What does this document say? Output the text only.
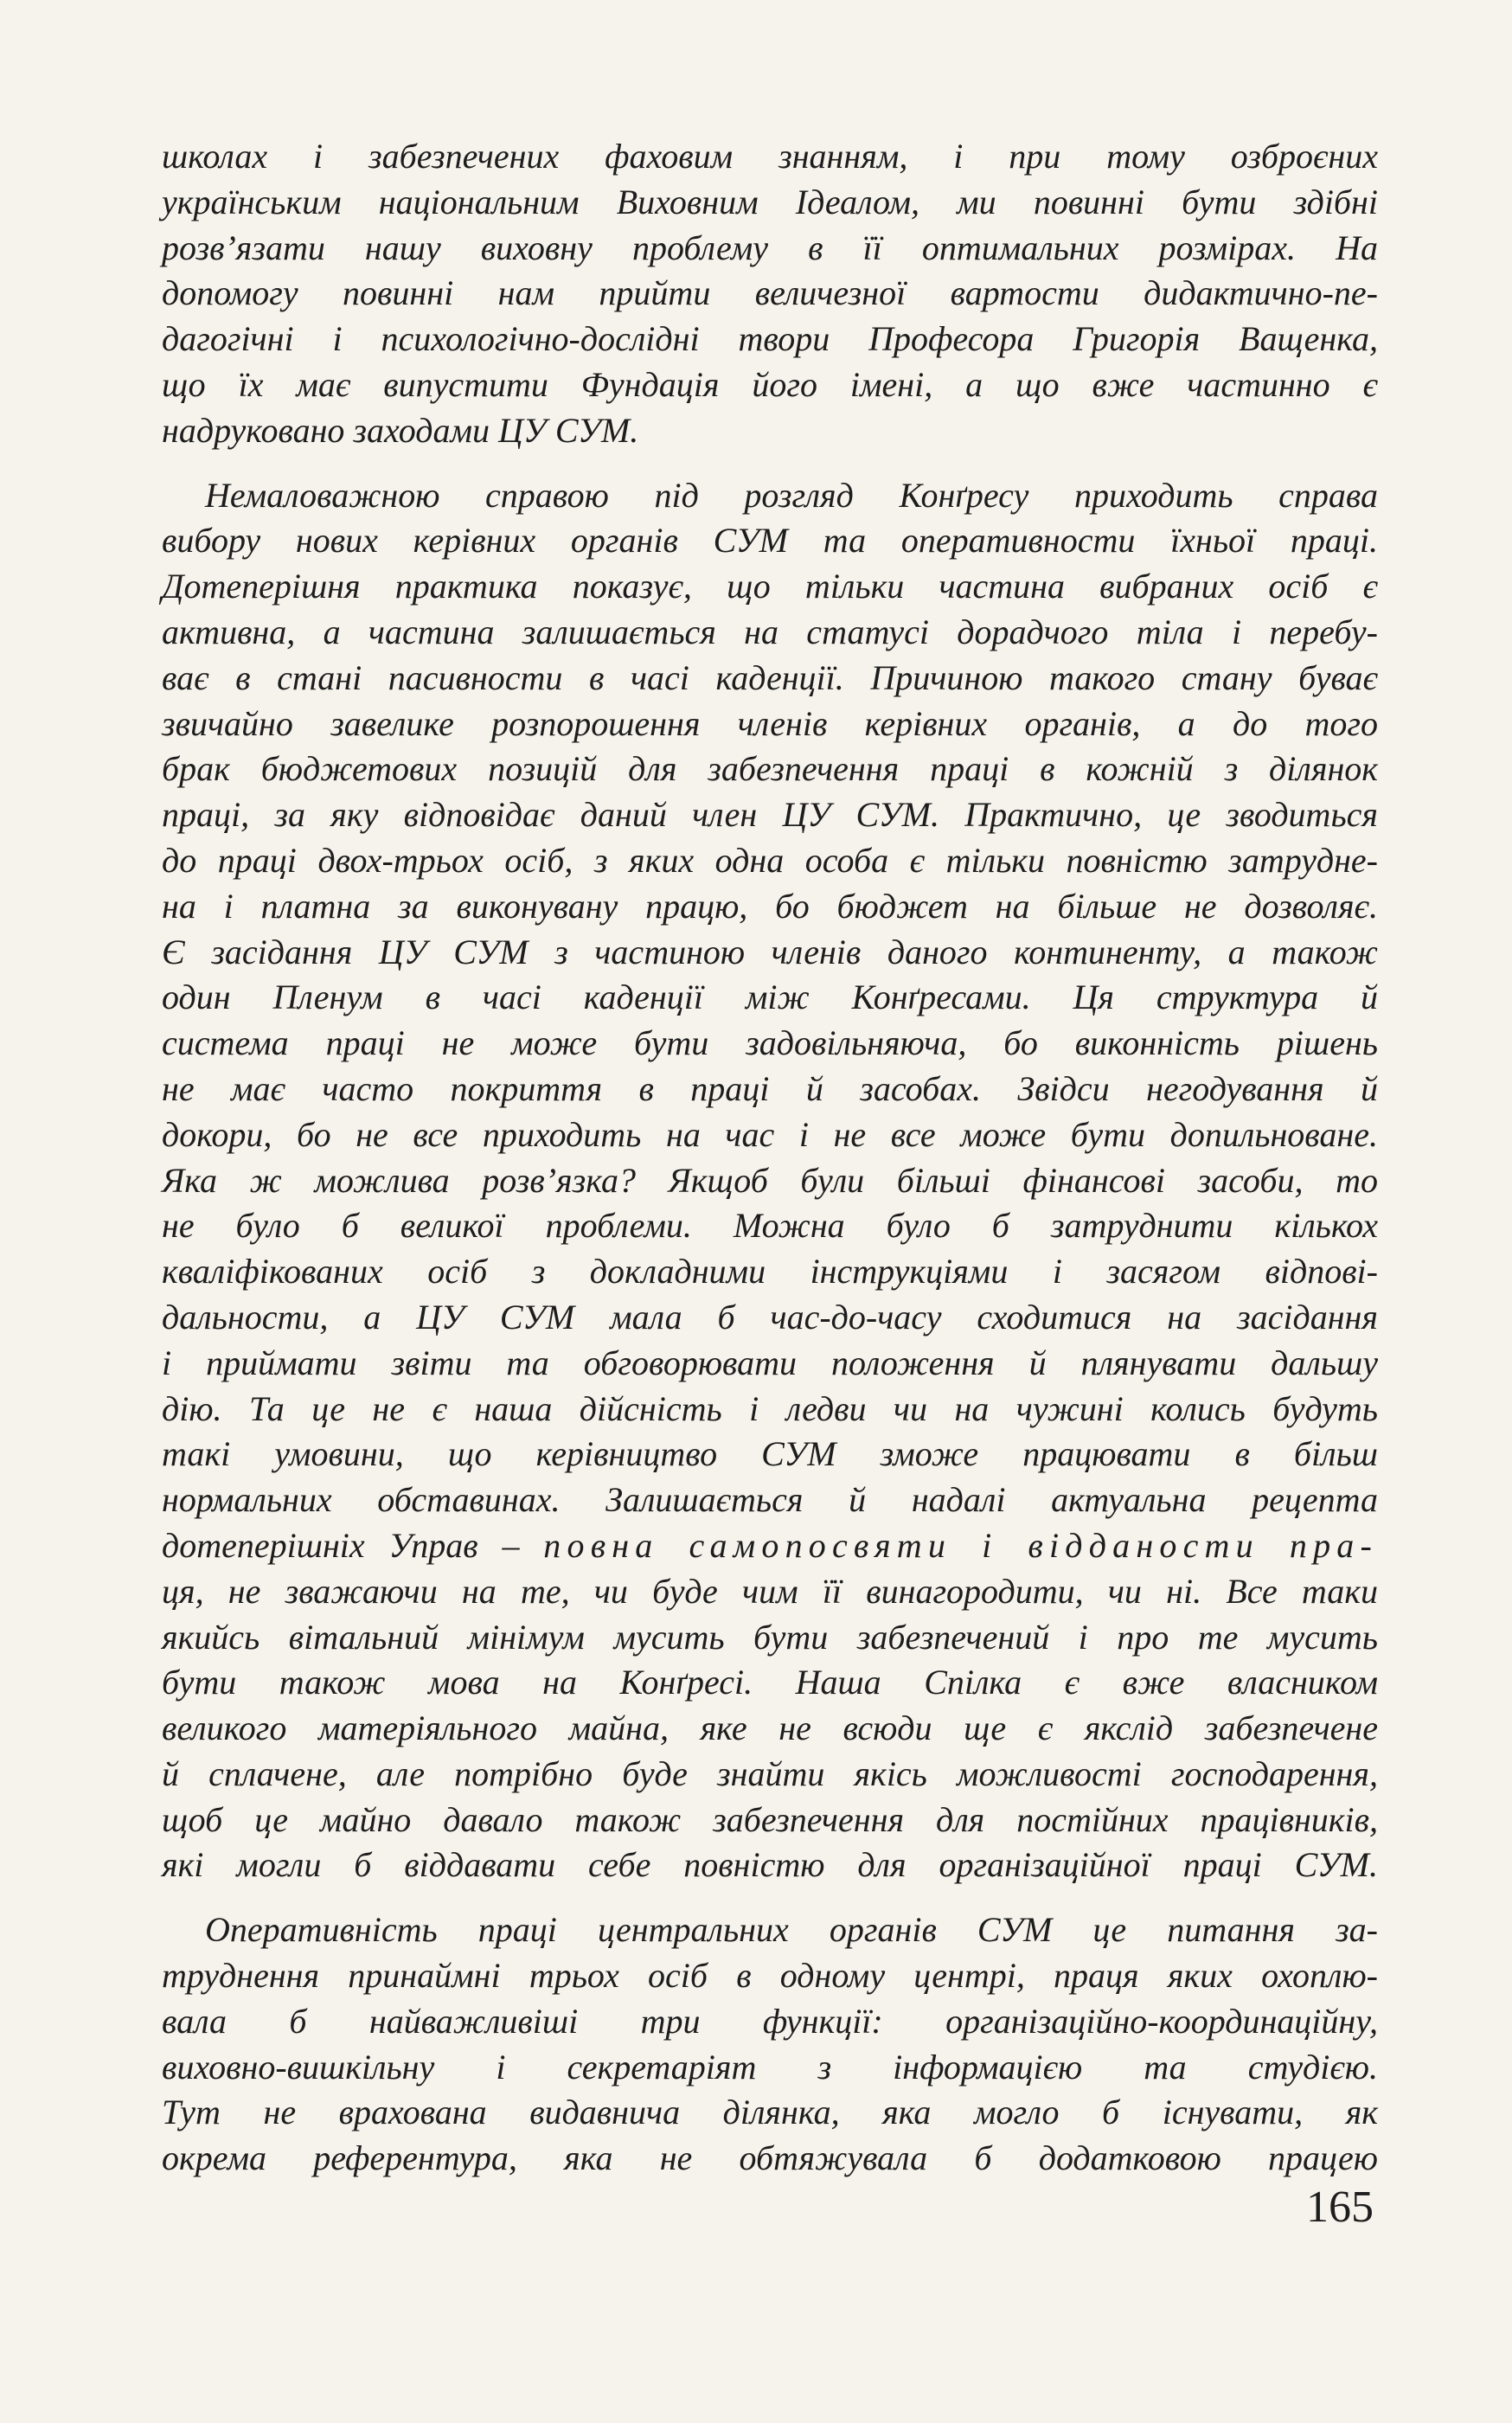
школах і забезпечених фаховим знанням, і при тому озброєних
українським національним Виховним Ідеалом, ми повинні бути здібні
розв’язати нашу виховну проблему в її оптимальних розмірах. На
допомогу повинні нам прийти величезної вартости дидактично-пе-
дагогічні і психологічно-дослідні твори Професора Григорія Ващенка,
що їх має випустити Фундація його імені, а що вже частинно є
надруковано заходами ЦУ СУМ.
Немаловажною справою під розгляд Конґресу приходить справа
вибору нових керівних органів СУМ та оперативности їхньої праці.
Дотеперішня практика показує, що тільки частина вибраних осіб є
активна, а частина залишається на статусі дорадчого тіла і перебу-
ває в стані пасивности в часі каденції. Причиною такого стану буває
звичайно завелике розпорошення членів керівних органів, а до того
брак бюджетових позицій для забезпечення праці в кожній з ділянок
праці, за яку відповідає даний член ЦУ СУМ. Практично, це зводиться
до праці двох-трьох осіб, з яких одна особа є тільки повністю затрудне-
на і платна за виконувану працю, бо бюджет на більше не дозволяє.
Є засідання ЦУ СУМ з частиною членів даного континенту, а також
один Пленум в часі каденції між Конґресами. Ця структура й
система праці не може бути задовільняюча, бо виконність рішень
не має часто покриття в праці й засобах. Звідси негодування й
докори, бо не все приходить на час і не все може бути допильноване.
Яка ж можлива розв’язка? Якщоб були більші фінансові засоби, то
не було б великої проблеми. Можна було б затруднити кількох
кваліфікованих осіб з докладними інструкціями і засягом відпові-
дальности, а ЦУ СУМ мала б час-до-часу сходитися на засідання
і приймати звіти та обговорювати положення й плянувати дальшу
дію. Та це не є наша дійсність і ледви чи на чужині колись будуть
такі умовини, що керівництво СУМ зможе працювати в більш
нормальних обставинах. Залишається й надалі актуальна рецепта
дотеперішніх Управ – повна самопосвяти і відданости пра-
ця, не зважаючи на те, чи буде чим її винагородити, чи ні. Все таки
якийсь вітальний мінімум мусить бути забезпечений і про те мусить
бути також мова на Конґресі. Наша Спілка є вже власником
великого матеріяльного майна, яке не всюди ще є якслід забезпечене
й сплачене, але потрібно буде знайти якісь можливості господарення,
щоб це майно давало також забезпечення для постійних працівників,
які могли б віддавати себе повністю для організаційної праці СУМ.
Оперативність праці центральних органів СУМ це питання за-
труднення принаймні трьох осіб в одному центрі, праця яких охоплю-
вала б найважливіші три функції: організаційно-координаційну,
виховно-вишкільну і секретаріят з інформацією та студією.
Тут не врахована видавнича ділянка, яка могло б існувати, як
окрема референтура, яка не обтяжувала б додатковою працею
165
